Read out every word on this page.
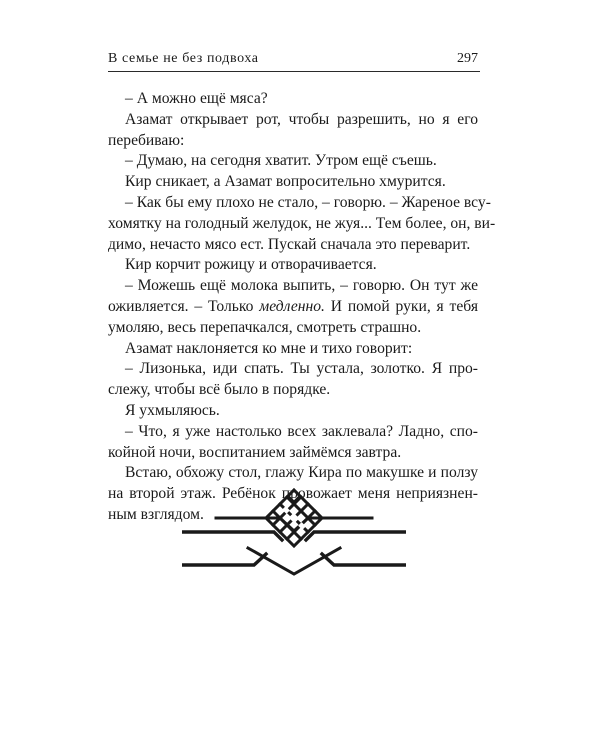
В семье не без подвоха	297

– А можно ещё мяса?

Азамат открывает рот, чтобы разрешить, но я его

перебиваю:

– Думаю, на сегодня хватит. Утром ещё съешь.

Кир сникает, а Азамат вопросительно хмурится.

– Как бы ему плохо не стало, – говорю. – Жареное всу-

хомятку на голодный желудок, не жуя... Тем более, он, ви-

димо, нечасто мясо ест. Пускай сначала это переварит.

Кир корчит рожицу и отворачивается.

– Можешь ещё молока выпить, – говорю. Он тут же

оживляется. – Только медленно. И помой руки, я тебя

умоляю, весь перепачкался, смотреть страшно.

Азамат наклоняется ко мне и тихо говорит:

– Лизонька, иди спать. Ты устала, золотко. Я про-

слежу, чтобы всё было в порядке.

Я ухмыляюсь.

– Что, я уже настолько всех заклевала? Ладно, спо-

койной ночи, воспитанием займёмся завтра.

Встаю, обхожу стол, глажу Кира по макушке и ползу

на второй этаж. Ребёнок провожает меня неприязнен-

ным взглядом.
